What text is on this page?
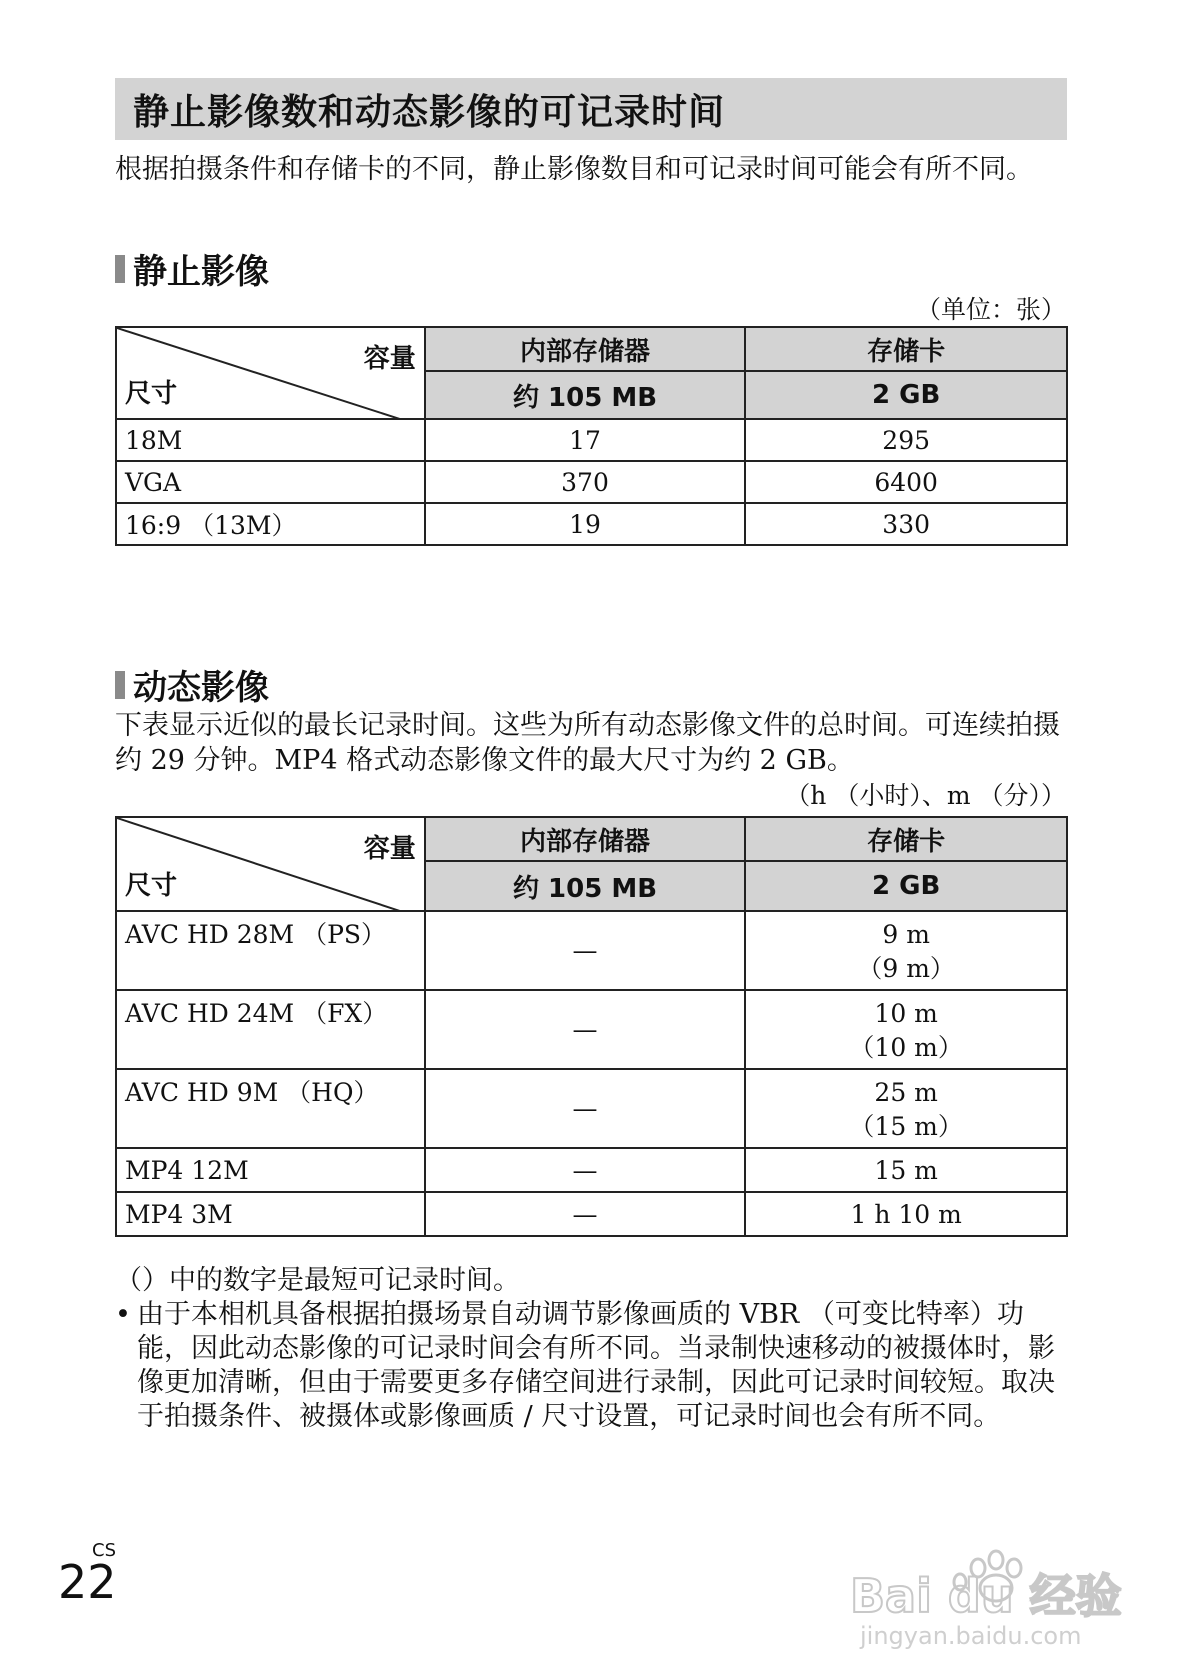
静止影像数和动态影像的可记录时间
根据拍摄条件和存储卡的不同，静止影像数目和可记录时间可能会有所不同。
静止影像
（单位：张）
容量
尺寸	内部存储器	存储卡
	约 105 MB	2 GB
18M	17	295
VGA	370	6400
16:9 （13M）	19	330
动态影像
下表显示近似的最长记录时间。这些为所有动态影像文件的总时间。可连续拍摄约 29 分钟。MP4 格式动态影像文件的最大尺寸为约 2 GB。
（h （小时）、m （分））
容量
尺寸	内部存储器	存储卡
	约 105 MB	2 GB
AVC HD 28M （PS）	—	9 m
（9 m）

AVC HD 24M （FX）	—	10 m
（10 m）

AVC HD 9M （HQ）	—	25 m
（15 m）

MP4 12M	—	15 m
MP4 3M	—	1 h 10 m
（）中的数字是最短可记录时间。
• 由于本相机具备根据拍摄场景自动调节影像画质的 VBR （可变比特率）功能，因此动态影像的可记录时间会有所不同。当录制快速移动的被摄体时，影像更加清晰，但由于需要更多存储空间进行录制，因此可记录时间较短。取决于拍摄条件、被摄体或影像画质 / 尺寸设置，可记录时间也会有所不同。
CS
22	Bai du 经验
jingyan.baidu.com
